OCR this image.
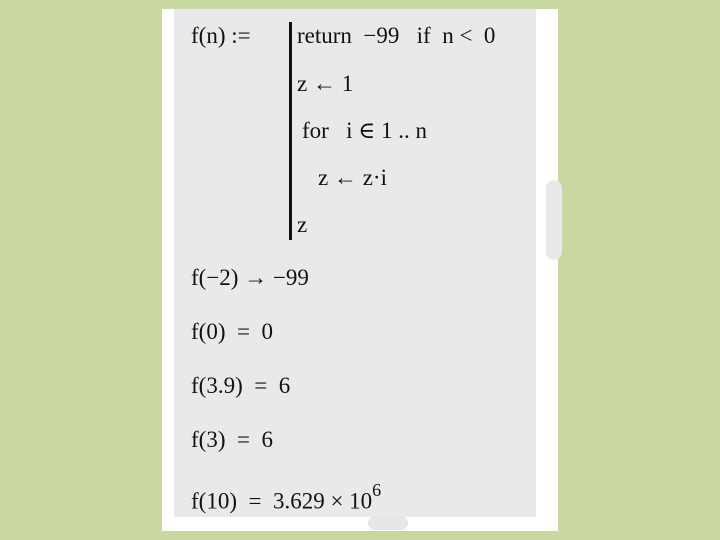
f(n) := return  −99   if  n <  0
z ← 1
for   i ∈ 1 .. n
z ← z·i
z
f(−2) → −99
f(0)  =  0
f(3.9)  =  6
f(3)  =  6
$f(10) = 3.629 \times 10^6$
